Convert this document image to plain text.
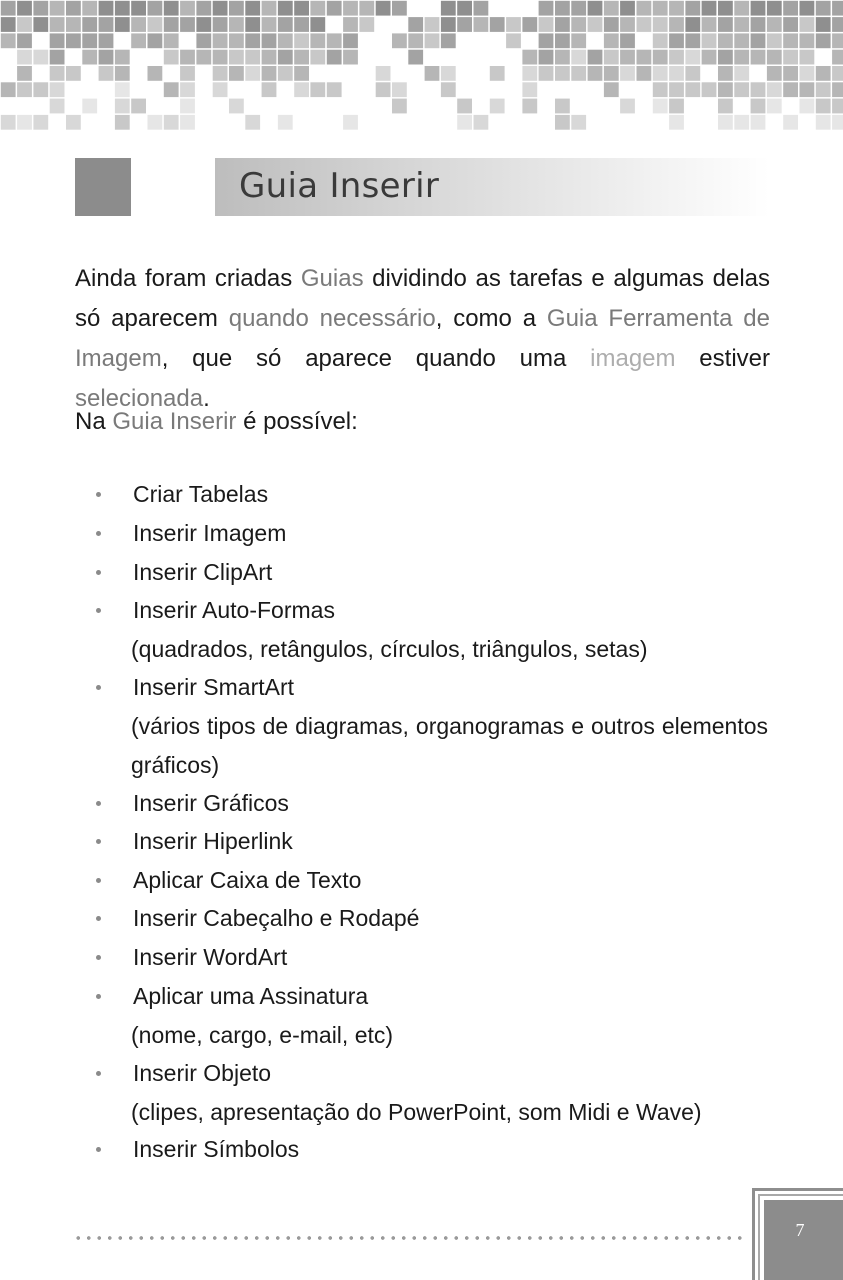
Guia Inserir
Ainda foram criadas Guias dividindo as tarefas e algumas delas só aparecem quando necessário, como a Guia Ferramenta de Imagem, que só aparece quando uma imagem estiver selecionada.
Na Guia Inserir é possível:
Criar Tabelas
Inserir Imagem
Inserir ClipArt
Inserir Auto-Formas
(quadrados, retângulos, círculos, triângulos, setas)
Inserir SmartArt
(vários tipos de diagramas, organogramas e outros elementos gráficos)
Inserir Gráficos
Inserir Hiperlink
Aplicar Caixa de Texto
Inserir Cabeçalho e Rodapé
Inserir WordArt
Aplicar uma Assinatura
(nome, cargo, e-mail, etc)
Inserir Objeto
(clipes, apresentação do PowerPoint, som Midi e Wave)
Inserir Símbolos
7
